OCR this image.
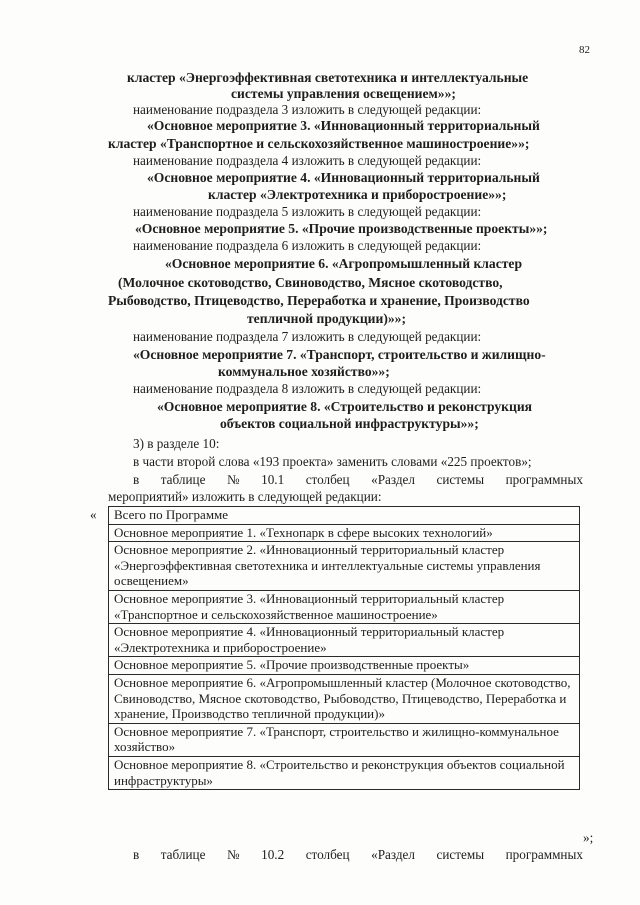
82
кластер «Энергоэффективная светотехника и интеллектуальные
системы управления освещением»»;
наименование подраздела 3 изложить в следующей редакции:
«Основное мероприятие 3. «Инновационный территориальный
кластер «Транспортное и сельскохозяйственное машиностроение»»;
наименование подраздела 4 изложить в следующей редакции:
«Основное мероприятие 4. «Инновационный территориальный
кластер «Электротехника и приборостроение»»;
наименование подраздела 5 изложить в следующей редакции:
«Основное мероприятие 5. «Прочие производственные проекты»»;
наименование подраздела 6 изложить в следующей редакции:
«Основное мероприятие 6. «Агропромышленный кластер
(Молочное скотоводство, Свиноводство, Мясное скотоводство,
Рыбоводство, Птицеводство, Переработка и хранение, Производство
тепличной продукции)»»;
наименование подраздела 7 изложить в следующей редакции:
«Основное мероприятие 7. «Транспорт, строительство и жилищно-
коммунальное хозяйство»»;
наименование подраздела 8 изложить в следующей редакции:
«Основное мероприятие 8. «Строительство и реконструкция
объектов социальной инфраструктуры»»;
3) в разделе 10:
в части второй слова «193 проекта» заменить словами «225 проектов»;
в таблице № 10.1 столбец «Раздел системы программных
мероприятий» изложить в следующей редакции:
« Всего по Программе
Основное мероприятие 1. «Технопарк в сфере высоких технологий»
Основное мероприятие 2. «Инновационный территориальный кластер «Энергоэффективная светотехника и интеллектуальные системы управления освещением»
Основное мероприятие 3. «Инновационный территориальный кластер «Транспортное и сельскохозяйственное машиностроение»
Основное мероприятие 4. «Инновационный территориальный кластер «Электротехника и приборостроение»
Основное мероприятие 5. «Прочие производственные проекты»
Основное мероприятие 6. «Агропромышленный кластер (Молочное скотоводство, Свиноводство, Мясное скотоводство, Рыбоводство, Птицеводство, Переработка и хранение, Производство тепличной продукции)»
Основное мероприятие 7. «Транспорт, строительство и жилищно-коммунальное хозяйство»
Основное мероприятие 8. «Строительство и реконструкция объектов социальной инфраструктуры»
»;
в таблице № 10.2 столбец «Раздел системы программных
